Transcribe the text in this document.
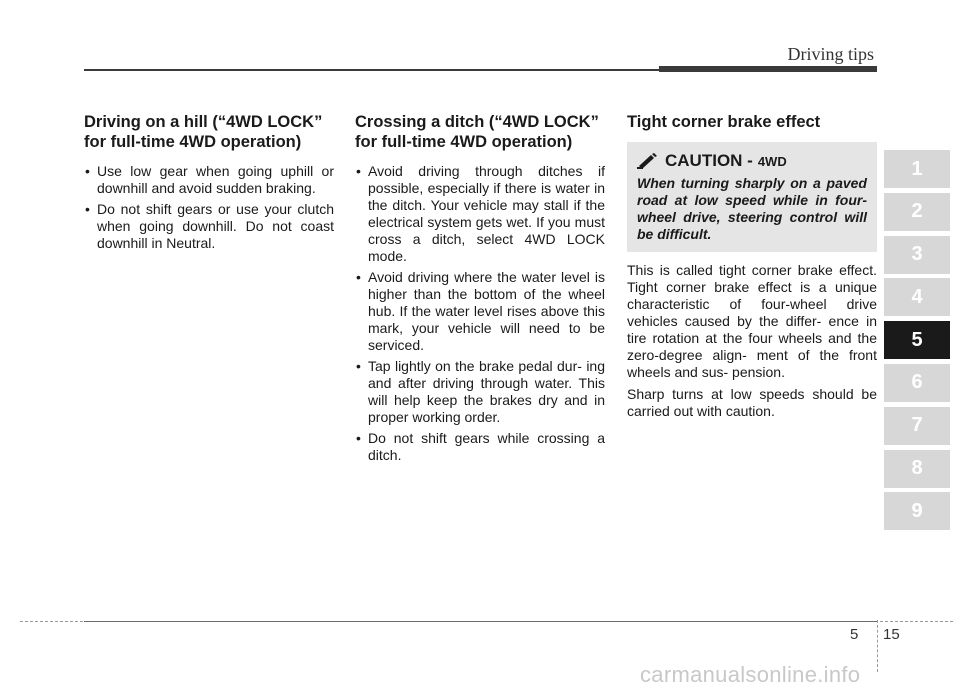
Driving tips
Driving on a hill (“4WD LOCK” for full-time 4WD operation)
• Use low gear when going uphill or downhill and avoid sudden braking.
• Do not shift gears or use your clutch when going downhill. Do not coast downhill in Neutral.
Crossing a ditch (“4WD LOCK” for full-time 4WD operation)
• Avoid driving through ditches if possible, especially if there is water in the ditch. Your vehicle may stall if the electrical system gets wet. If you must cross a ditch, select 4WD LOCK mode.
• Avoid driving where the water level is higher than the bottom of the wheel hub. If the water level rises above this mark, your vehicle will need to be serviced.
• Tap lightly on the brake pedal dur- ing and after driving through water. This will help keep the brakes dry and in proper working order.
• Do not shift gears while crossing a ditch.
Tight corner brake effect
CAUTION - 4WD
When turning sharply on a paved road at low speed while in four-wheel drive, steering control will be difficult.

This is called tight corner brake effect. Tight corner brake effect is a unique characteristic of four-wheel drive vehicles caused by the differ- ence in tire rotation at the four wheels and the zero-degree align- ment of the front wheels and sus- pension.

Sharp turns at low speeds should be carried out with caution.

1
2
3
4
5
6
7
8
9
5 15
carmanualsonline.info
